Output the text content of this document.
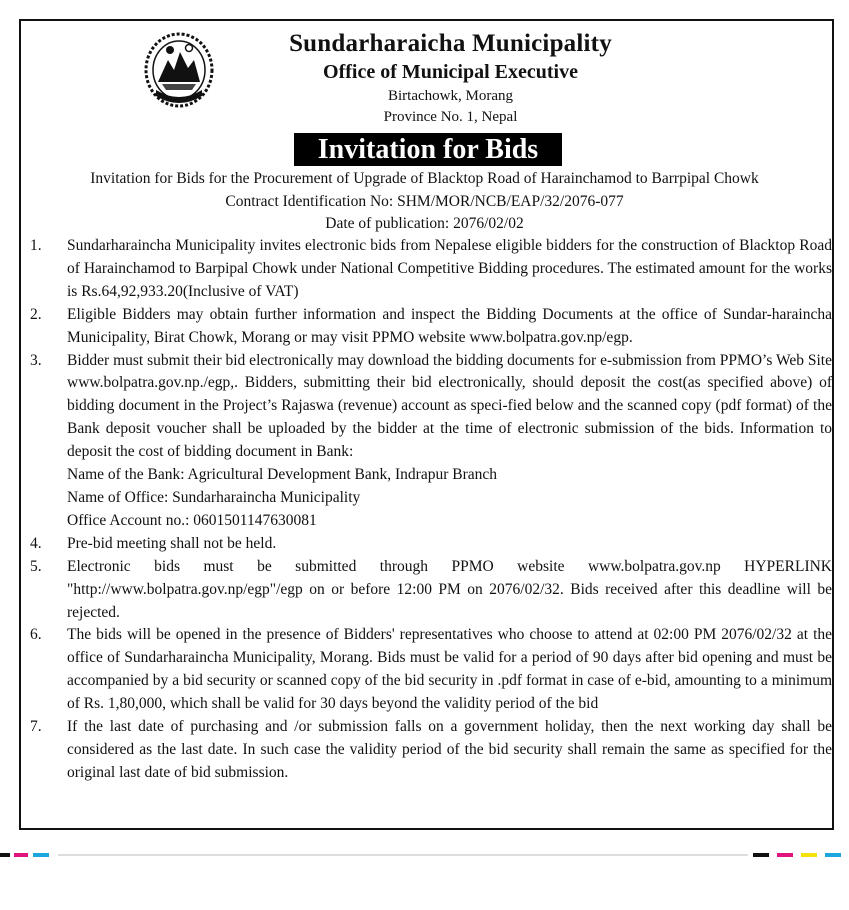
Sundarharaicha Municipality
Office of Municipal Executive
Birtachowk, Morang
Province No. 1, Nepal
Invitation for Bids
Invitation for Bids for the Procurement of Upgrade of Blacktop Road of Harainchamod to Barrpipal Chowk
Contract Identification No: SHM/MOR/NCB/EAP/32/2076-077
Date of publication: 2076/02/02
1. Sundarharaincha Municipality invites electronic bids from Nepalese eligible bidders for the construction of Blacktop Road of Harainchamod to Barpipal Chowk under National Competitive Bidding procedures. The estimated amount for the works is Rs.64,92,933.20(Inclusive of VAT)
2. Eligible Bidders may obtain further information and inspect the Bidding Documents at the office of Sundar-haraincha Municipality, Birat Chowk, Morang or may visit PPMO website www.bolpatra.gov.np/egp.
3. Bidder must submit their bid electronically may download the bidding documents for e-submission from PPMO’s Web Site www.bolpatra.gov.np./egp,. Bidders, submitting their bid electronically, should deposit the cost(as specified above) of bidding document in the Project’s Rajaswa (revenue) account as speci-fied below and the scanned copy (pdf format) of the Bank deposit voucher shall be uploaded by the bidder at the time of electronic submission of the bids. Information to deposit the cost of bidding document in Bank:
Name of the Bank: Agricultural Development Bank, Indrapur Branch
Name of Office: Sundarharaincha Municipality
Office Account no.: 0601501147630081
4. Pre-bid meeting shall not be held.
5. Electronic bids must be submitted through PPMO website www.bolpatra.gov.np HYPERLINK "http://www.bolpatra.gov.np/egp"/egp on or before 12:00 PM on 2076/02/32. Bids received after this deadline will be rejected.
6. The bids will be opened in the presence of Bidders' representatives who choose to attend at 02:00 PM 2076/02/32 at the office of Sundarharaincha Municipality, Morang. Bids must be valid for a period of 90 days after bid opening and must be accompanied by a bid security or scanned copy of the bid security in .pdf format in case of e-bid, amounting to a minimum of Rs. 1,80,000, which shall be valid for 30 days beyond the validity period of the bid
7. If the last date of purchasing and /or submission falls on a government holiday, then the next working day shall be considered as the last date. In such case the validity period of the bid security shall remain the same as specified for the original last date of bid submission.
